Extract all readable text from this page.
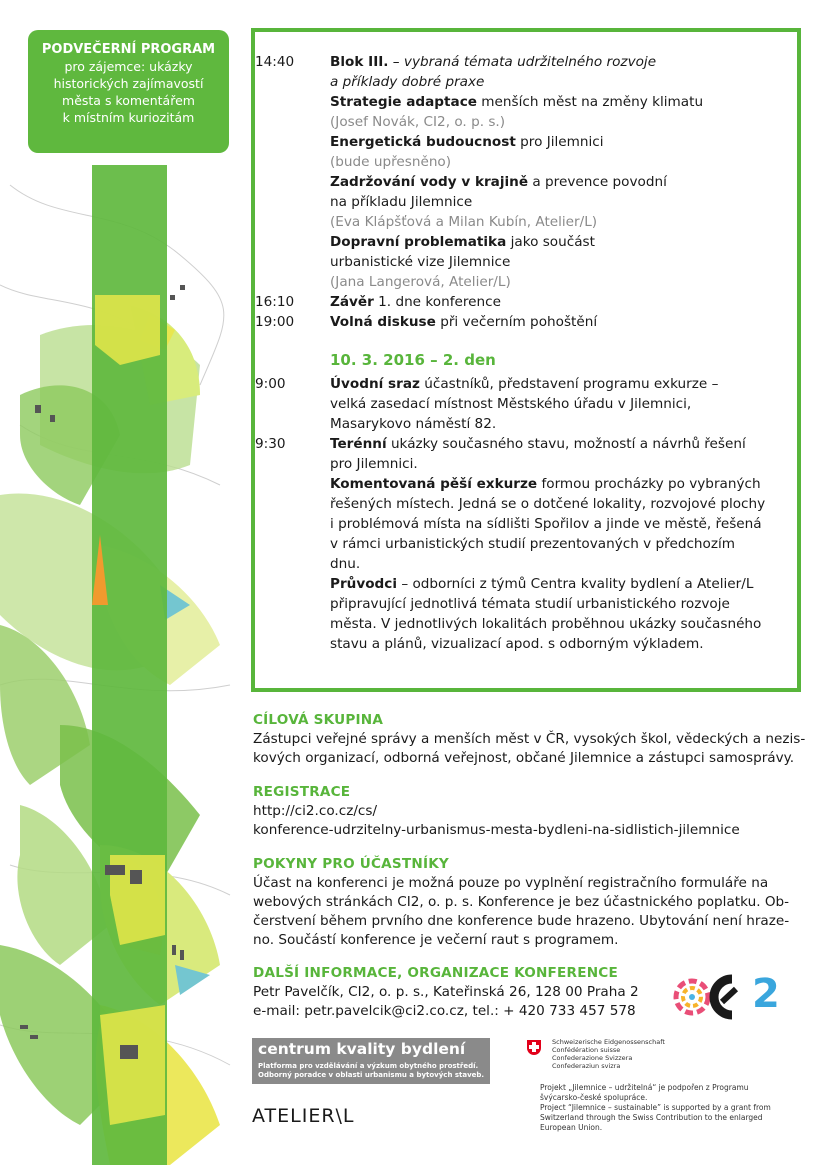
PODVEČERNÍ PROGRAM
pro zájemce: ukázky
historických zajímavostí
města s komentářem
k místním kuriozitám
14:40	Blok III. – vybraná témata udržitelného rozvoje
a příklady dobré praxe
Strategie adaptace menších měst na změny klimatu
(Josef Novák, CI2, o. p. s.)
Energetická budoucnost pro Jilemnici
(bude upřesněno)
Zadržování vody v krajině a prevence povodní
na příkladu Jilemnice
(Eva Klápšťová a Milan Kubín, Atelier/L)
Dopravní problematika jako součást
urbanistické vize Jilemnice
(Jana Langerová, Atelier/L)
16:10	Závěr 1. dne konference
19:00	Volná diskuse při večerním pohoštění
10. 3. 2016 – 2. den
9:00	Úvodní sraz účastníků, představení programu exkurze –
velká zasedací místnost Městského úřadu v Jilemnici,
Masarykovo náměstí 82.
9:30	Terénní ukázky současného stavu, možností a návrhů řešení
pro Jilemnici.
Komentovaná pěší exkurze formou procházky po vybraných
řešených místech. Jedná se o dotčené lokality, rozvojové plochy
i problémová místa na sídlišti Spořilov a jinde ve městě, řešená
v rámci urbanistických studií prezentovaných v předchozím
dnu.
Průvodci – odborníci z týmů Centra kvality bydlení a Atelier/L
připravující jednotlivá témata studií urbanistického rozvoje
města. V jednotlivých lokalitách proběhnou ukázky současného
stavu a plánů, vizualizací apod. s odborným výkladem.
CÍLOVÁ SKUPINA
Zástupci veřejné správy a menších měst v ČR, vysokých škol, vědeckých a nezis-
kových organizací, odborná veřejnost, občané Jilemnice a zástupci samosprávy.
REGISTRACE
http://ci2.co.cz/cs/
konference-udrzitelny-urbanismus-mesta-bydleni-na-sidlistich-jilemnice
POKYNY PRO ÚČASTNÍKY
Účast na konferenci je možná pouze po vyplnění registračního formuláře na
webových stránkách CI2, o. p. s. Konference je bez účastnického poplatku. Ob-
čerstvení během prvního dne konference bude hrazeno. Ubytování není hraze-
no. Součástí konference je večerní raut s programem.
DALŠÍ INFORMACE, ORGANIZACE KONFERENCE
Petr Pavelčík, CI2, o. p. s., Kateřinská 26, 128 00 Praha 2
e-mail: petr.pavelcik@ci2.co.cz, tel.: + 420 733 457 578	2
centrum kvality bydlení
Platforma pro vzdělávání a výzkum obytného prostředí.
Odborný poradce v oblasti urbanismu a bytových staveb.
Schweizerische Eidgenossenschaft
Confédération suisse
Confederazione Svizzera
Confederaziun svizra
Projekt „Jilemnice – udržitelná“ je podpořen z Programu
švýcarsko-české spolupráce.
Project “Jilemnice – sustainable” is supported by a grant from
Switzerland through the Swiss Contribution to the enlarged
European Union.
ATELIER\L
